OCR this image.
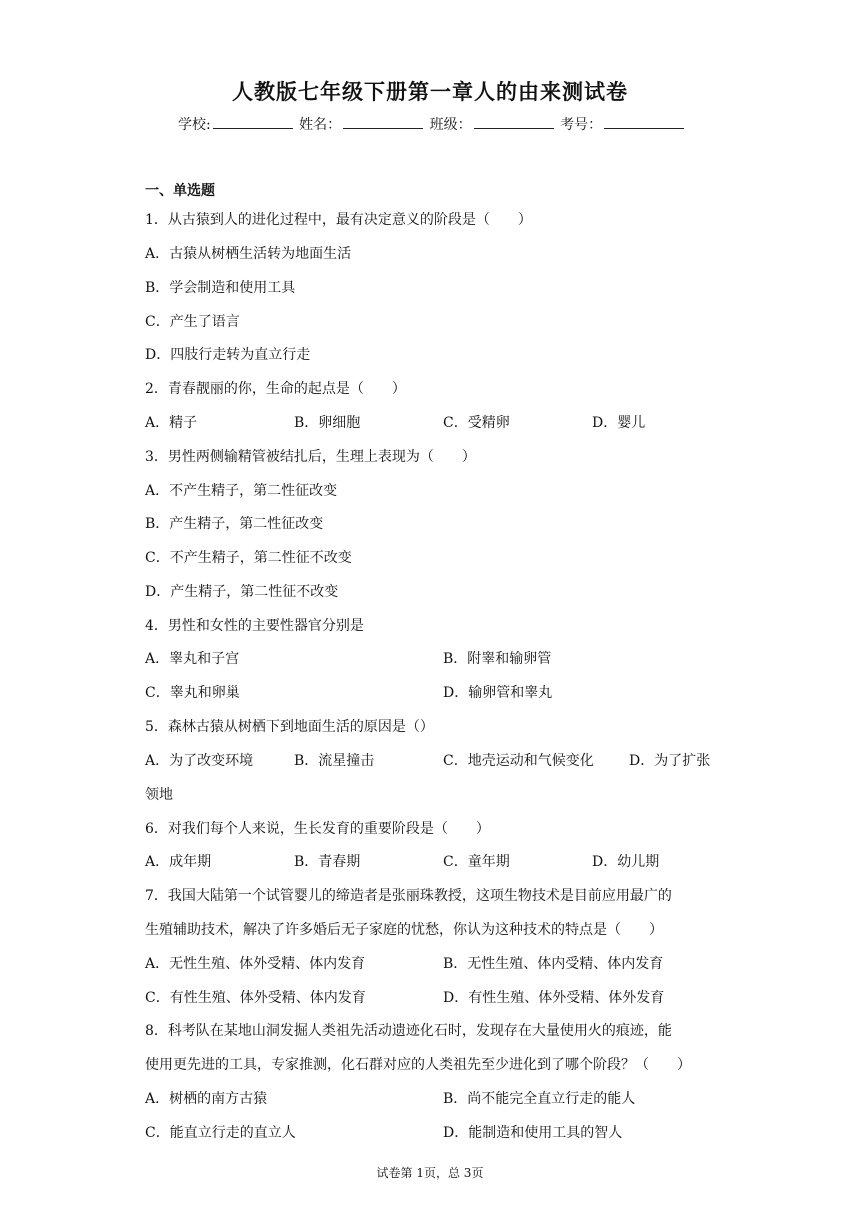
人教版七年级下册第一章人的由来测试卷
学校:	姓名：	班级：	考号：
一、单选题
1．从古猿到人的进化过程中，最有决定意义的阶段是（　　）
A．古猿从树栖生活转为地面生活
B．学会制造和使用工具
C．产生了语言
D．四肢行走转为直立行走
2．青春靓丽的你，生命的起点是（　　）
A．精子	B．卵细胞	C．受精卵	D．婴儿
3．男性两侧输精管被结扎后，生理上表现为（　　）
A．不产生精子，第二性征改变
B．产生精子，第二性征改变
C．不产生精子，第二性征不改变
D．产生精子，第二性征不改变
4．男性和女性的主要性器官分别是
A．睾丸和子宫	B．附睾和输卵管
C．睾丸和卵巢	D．输卵管和睾丸
5．森林古猿从树栖下到地面生活的原因是（）
A．为了改变环境	B．流星撞击	C．地壳运动和气候变化	D．为了扩张
领地
6．对我们每个人来说，生长发育的重要阶段是（　　）
A．成年期	B．青春期	C．童年期	D．幼儿期
7．我国大陆第一个试管婴儿的缔造者是张丽珠教授，这项生物技术是目前应用最广的
生殖辅助技术，解决了许多婚后无子家庭的忧愁，你认为这种技术的特点是（　　）
A．无性生殖、体外受精、体内发育	B．无性生殖、体内受精、体内发育
C．有性生殖、体外受精、体内发育	D．有性生殖、体外受精、体外发育
8．科考队在某地山洞发掘人类祖先活动遗迹化石时，发现存在大量使用火的痕迹，能
使用更先进的工具，专家推测，化石群对应的人类祖先至少进化到了哪个阶段？（　　）
A．树栖的南方古猿	B．尚不能完全直立行走的能人
C．能直立行走的直立人	D．能制造和使用工具的智人
试卷第 1页，总 3页
